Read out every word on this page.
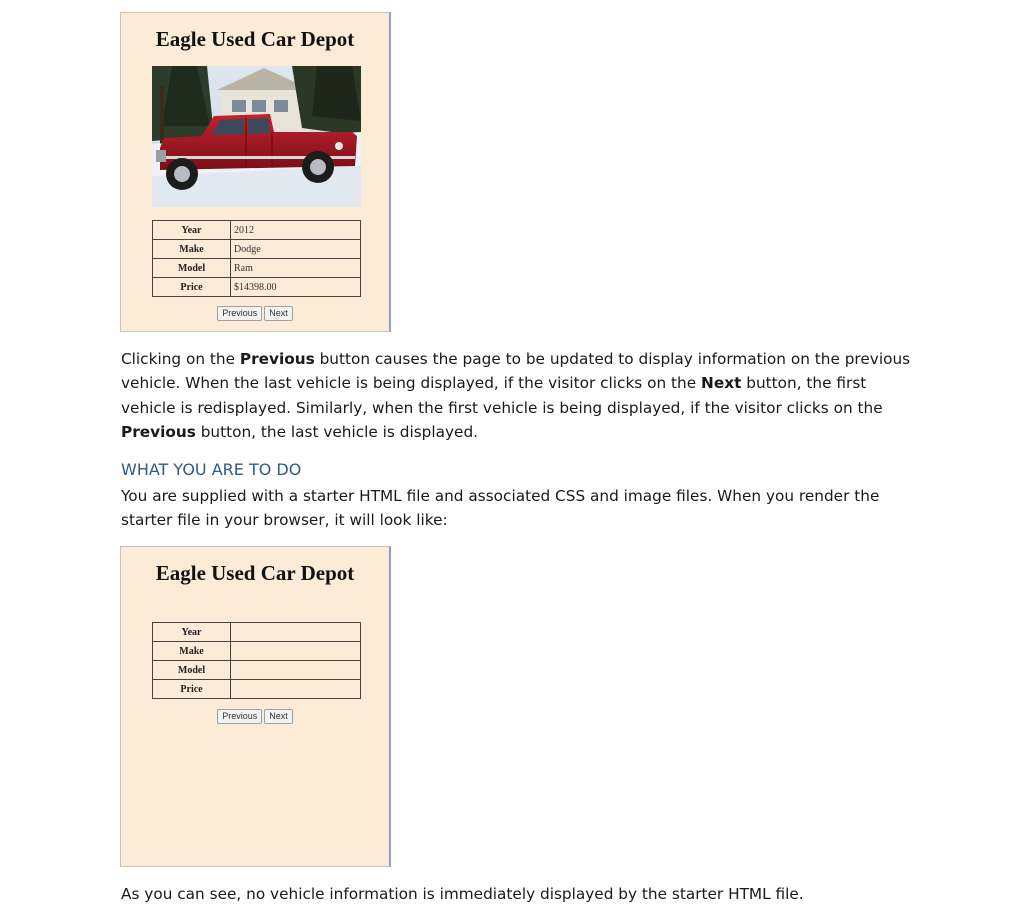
Eagle Used Car Depot
Year	2012
Make	Dodge
Model	Ram
Price	$14398.00
Previous Next
Clicking on the Previous button causes the page to be updated to display information on the previous vehicle. When the last vehicle is being displayed, if the visitor clicks on the Next button, the first vehicle is redisplayed. Similarly, when the first vehicle is being displayed, if the visitor clicks on the Previous button, the last vehicle is displayed.
WHAT YOU ARE TO DO
You are supplied with a starter HTML file and associated CSS and image files. When you render the starter file in your browser, it will look like:
Eagle Used Car Depot
Year	
Make	
Model	
Price	
Previous Next
As you can see, no vehicle information is immediately displayed by the starter HTML file.
